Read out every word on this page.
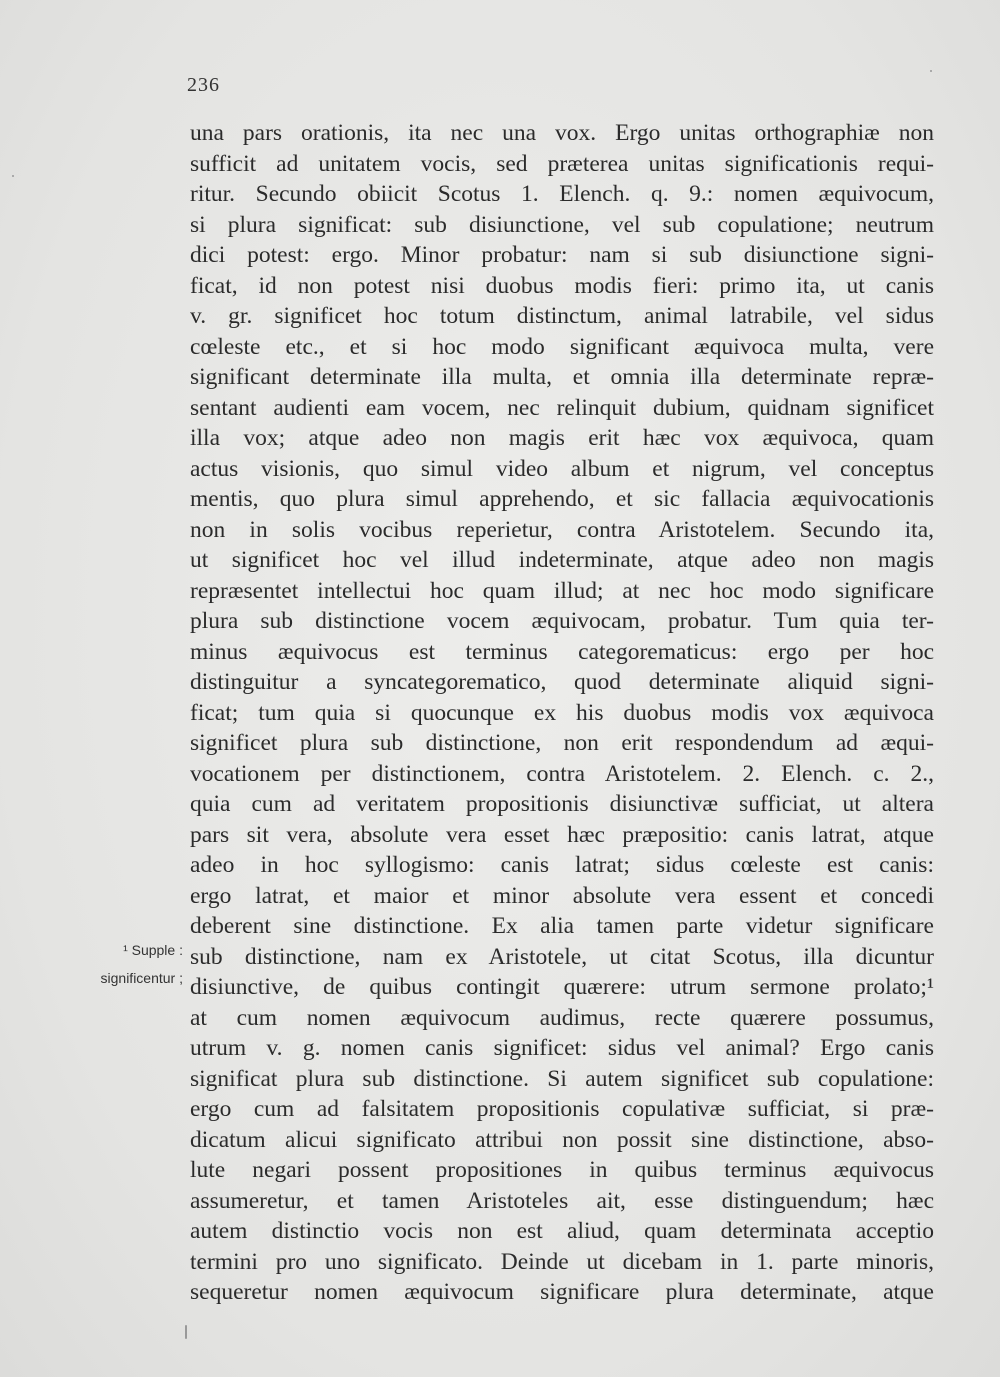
236
una pars orationis, ita nec una vox. Ergo unitas orthographiæ non
sufficit ad unitatem vocis, sed præterea unitas significationis requi-
ritur. Secundo obiicit Scotus 1. Elench. q. 9.: nomen æquivocum,
si plura significat: sub disiunctione, vel sub copulatione; neutrum
dici potest: ergo. Minor probatur: nam si sub disiunctione signi-
ficat, id non potest nisi duobus modis fieri: primo ita, ut canis
v. gr. significet hoc totum distinctum, animal latrabile, vel sidus
cœleste etc., et si hoc modo significant æquivoca multa, vere
significant determinate illa multa, et omnia illa determinate repræ-
sentant audienti eam vocem, nec relinquit dubium, quidnam significet
illa vox; atque adeo non magis erit hæc vox æquivoca, quam
actus visionis, quo simul video album et nigrum, vel conceptus
mentis, quo plura simul apprehendo, et sic fallacia æquivocationis
non in solis vocibus reperietur, contra Aristotelem. Secundo ita,
ut significet hoc vel illud indeterminate, atque adeo non magis
repræsentet intellectui hoc quam illud; at nec hoc modo significare
plura sub distinctione vocem æquivocam, probatur. Tum quia ter-
minus æquivocus est terminus categorematicus: ergo per hoc
distinguitur a syncategorematico, quod determinate aliquid signi-
ficat; tum quia si quocunque ex his duobus modis vox æquivoca
significet plura sub distinctione, non erit respondendum ad æqui-
vocationem per distinctionem, contra Aristotelem. 2. Elench. c. 2.,
quia cum ad veritatem propositionis disiunctivæ sufficiat, ut altera
pars sit vera, absolute vera esset hæc præpositio: canis latrat, atque
adeo in hoc syllogismo: canis latrat; sidus cœleste est canis:
ergo latrat, et maior et minor absolute vera essent et concedi
deberent sine distinctione. Ex alia tamen parte videtur significare
sub distinctione, nam ex Aristotele, ut citat Scotus, illa dicuntur
disiunctive, de quibus contingit quærere: utrum sermone prolato;¹
at cum nomen æquivocum audimus, recte quærere possumus,
utrum v. g. nomen canis significet: sidus vel animal? Ergo canis
significat plura sub distinctione. Si autem significet sub copulatione:
ergo cum ad falsitatem propositionis copulativæ sufficiat, si præ-
dicatum alicui significato attribui non possit sine distinctione, abso-
lute negari possent propositiones in quibus terminus æquivocus
assumeretur, et tamen Aristoteles ait, esse distinguendum; hæc
autem distinctio vocis non est aliud, quam determinata acceptio
termini pro uno significato. Deinde ut dicebam in 1. parte minoris,
sequeretur nomen æquivocum significare plura determinate, atque
¹ Supple :
significentur ;
